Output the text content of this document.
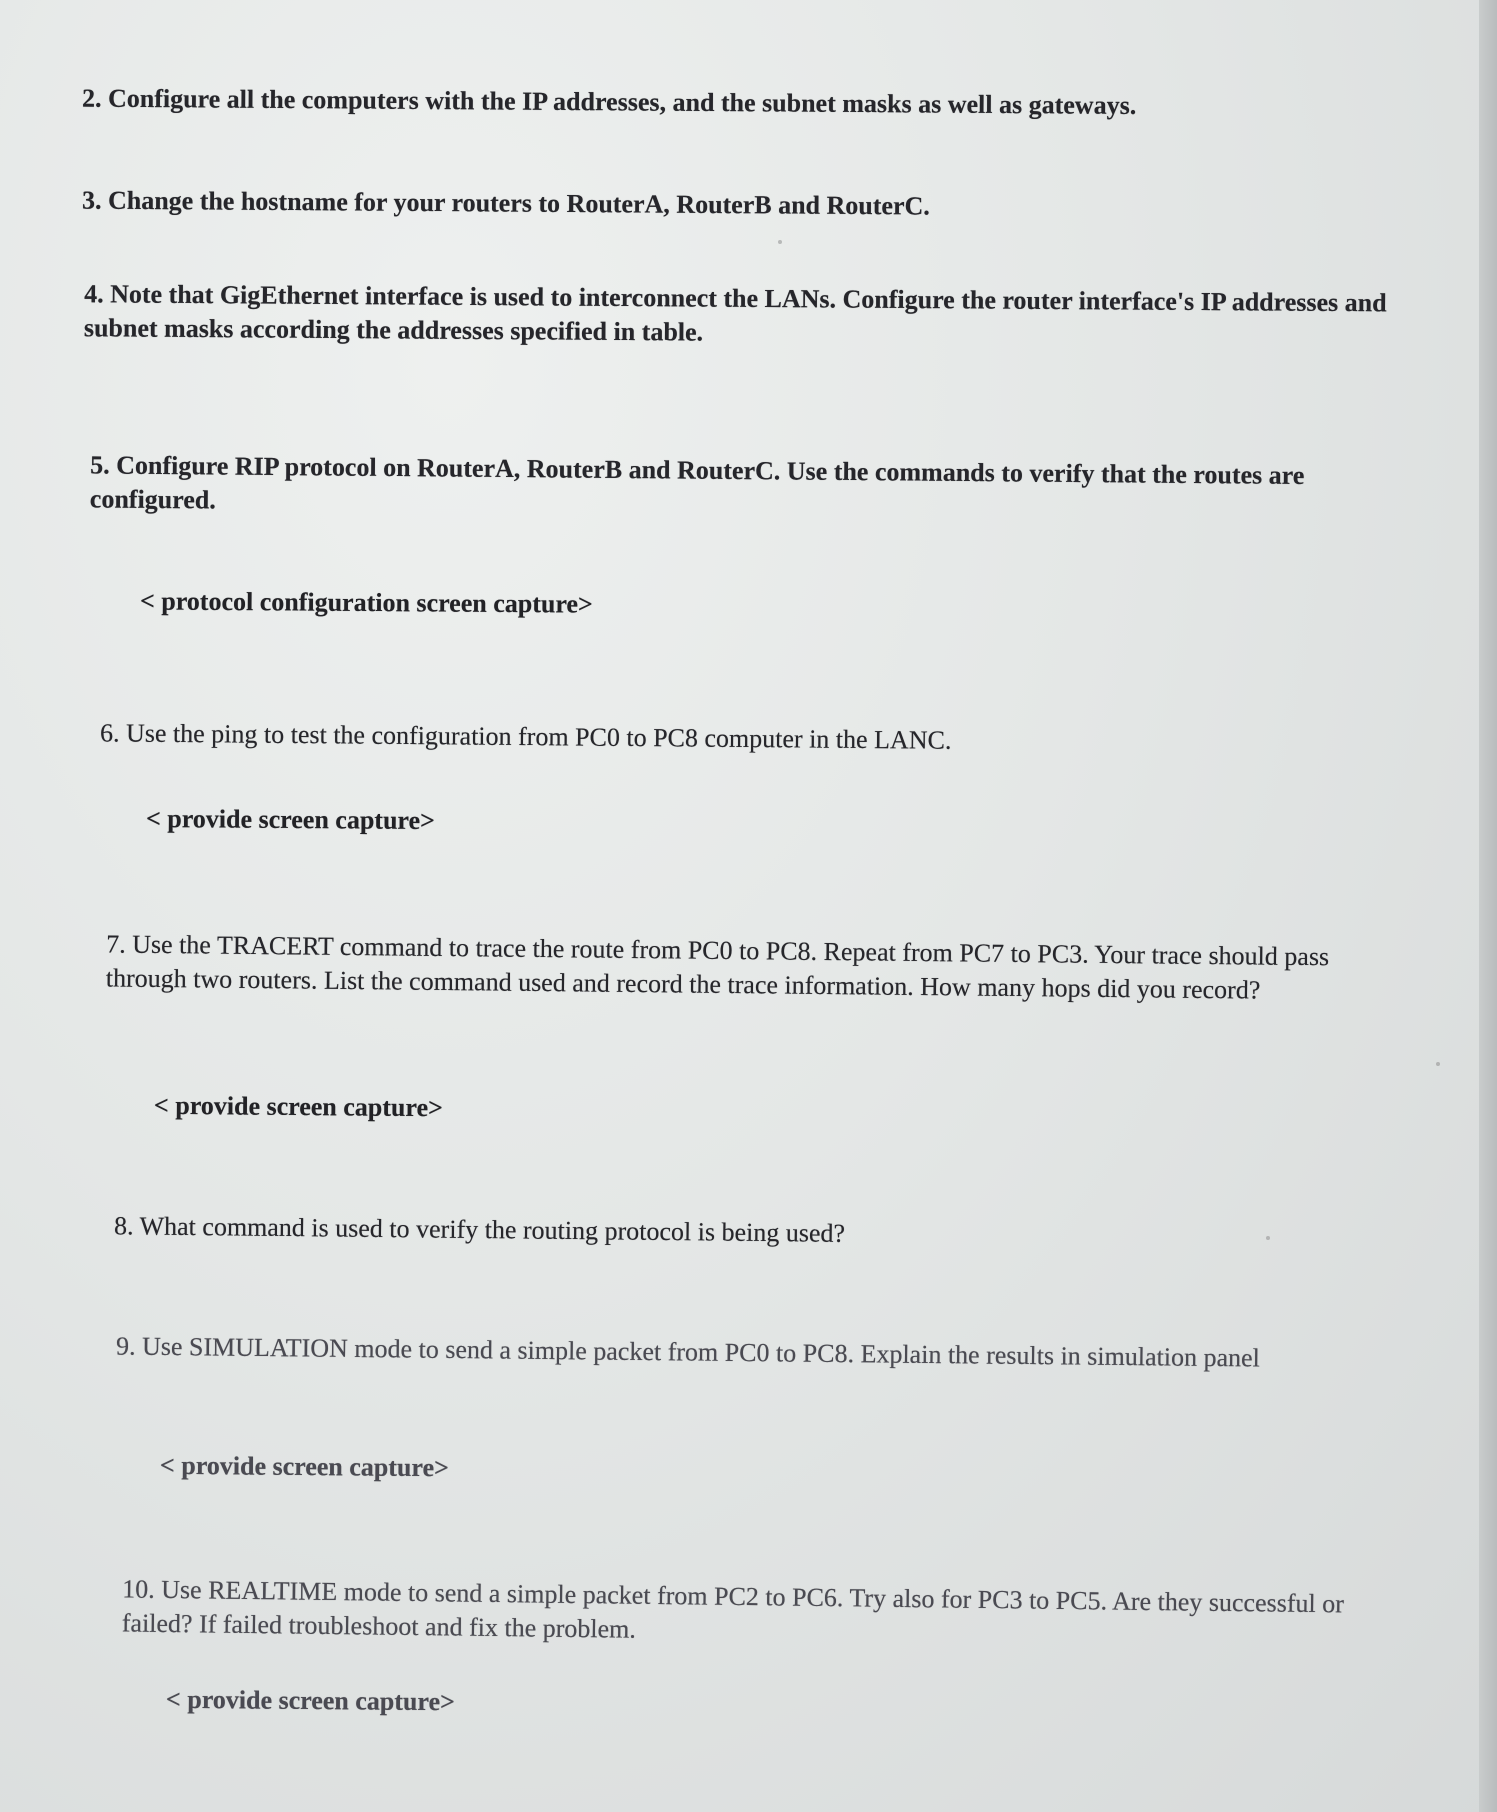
2. Configure all the computers with the IP addresses, and the subnet masks as well as gateways.
3. Change the hostname for your routers to RouterA, RouterB and RouterC.
4. Note that GigEthernet interface is used to interconnect the LANs. Configure the router interface's IP addresses and subnet masks according the addresses specified in table.
5. Configure RIP protocol on RouterA, RouterB and RouterC. Use the commands to verify that the routes are configured.
< protocol configuration screen capture>
6. Use the ping to test the configuration from PC0 to PC8 computer in the LANC.
< provide screen capture>
7. Use the TRACERT command to trace the route from PC0 to PC8. Repeat from PC7 to PC3. Your trace should pass through two routers. List the command used and record the trace information. How many hops did you record?
< provide screen capture>
8. What command is used to verify the routing protocol is being used?
9. Use SIMULATION mode to send a simple packet from PC0 to PC8. Explain the results in simulation panel
< provide screen capture>
10. Use REALTIME mode to send a simple packet from PC2 to PC6. Try also for PC3 to PC5. Are they successful or failed? If failed troubleshoot and fix the problem.
< provide screen capture>
